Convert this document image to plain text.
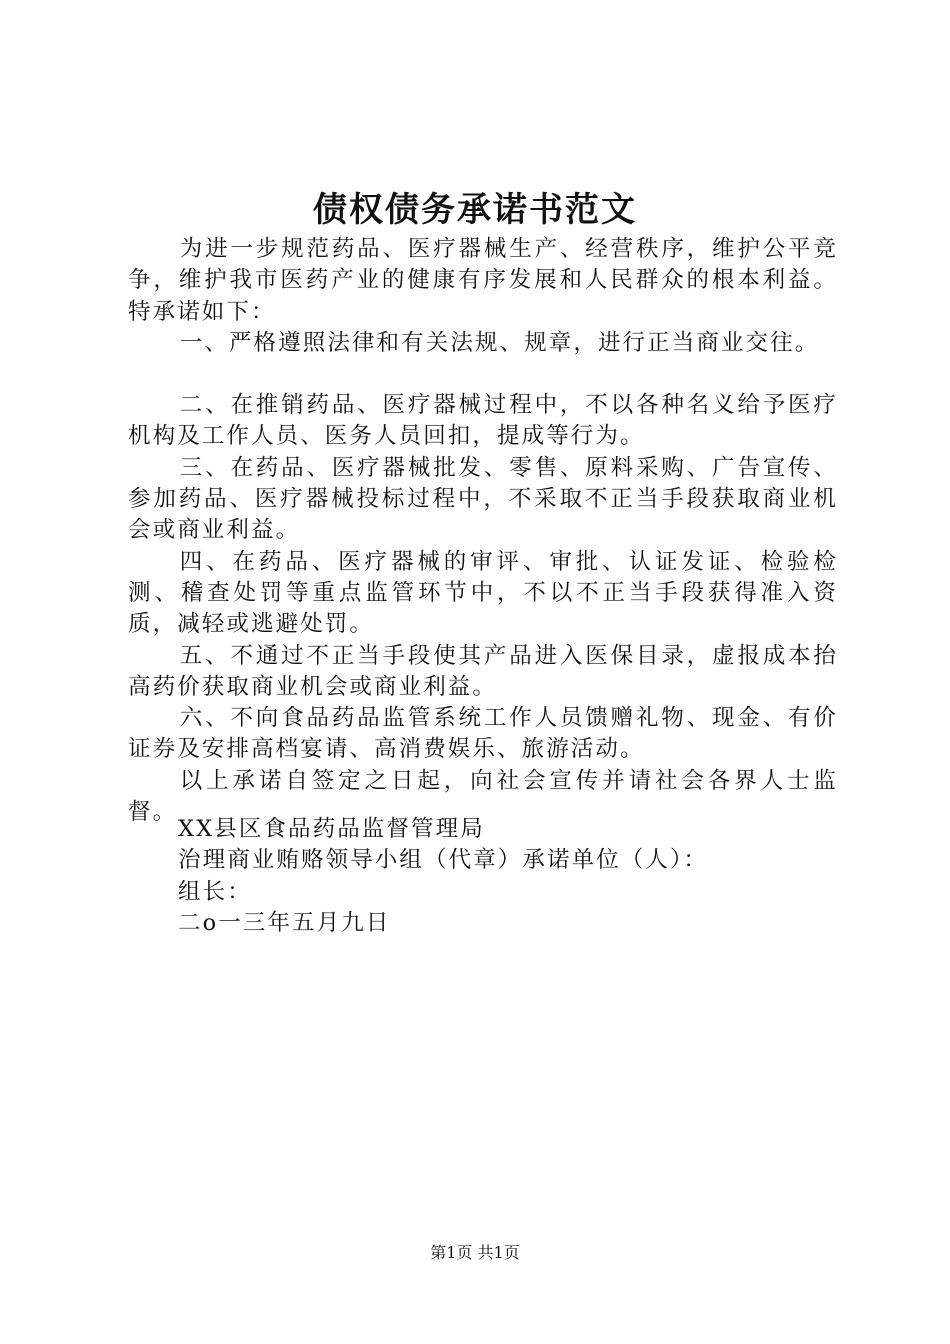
债权债务承诺书范文

为进一步规范药品、医疗器械生产、经营秩序，维护公平竞争，维护我市医药产业的健康有序发展和人民群众的根本利益。特承诺如下：

一、严格遵照法律和有关法规、规章，进行正当商业交往。

二、在推销药品、医疗器械过程中，不以各种名义给予医疗机构及工作人员、医务人员回扣，提成等行为。

三、在药品、医疗器械批发、零售、原料采购、广告宣传、参加药品、医疗器械投标过程中，不采取不正当手段获取商业机会或商业利益。

四、在药品、医疗器械的审评、审批、认证发证、检验检测、稽查处罚等重点监管环节中，不以不正当手段获得准入资质，减轻或逃避处罚。

五、不通过不正当手段使其产品进入医保目录，虚报成本抬高药价获取商业机会或商业利益。

六、不向食品药品监管系统工作人员馈赠礼物、现金、有价证券及安排高档宴请、高消费娱乐、旅游活动。

以上承诺自签定之日起，向社会宣传并请社会各界人士监督。

XX县区食品药品监督管理局
治理商业贿赂领导小组（代章）承诺单位（人）：
组长：
二o一三年五月九日
第1页 共1页
